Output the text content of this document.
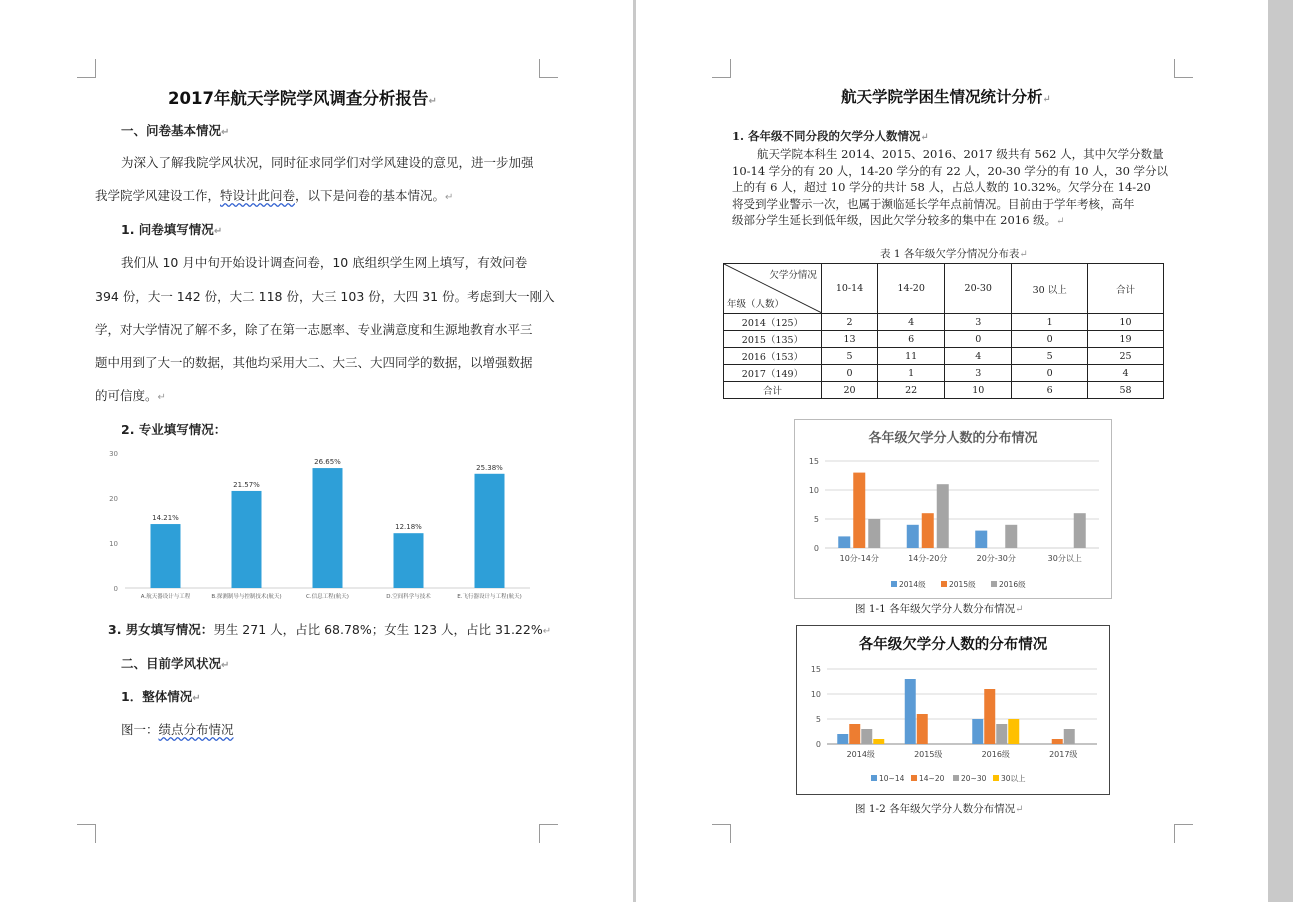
2017年航天学院学风调查分析报告↵
一、问卷基本情况↵
为深入了解我院学风状况，同时征求同学们对学风建设的意见，进一步加强
我学院学风建设工作，特设计此问卷，以下是问卷的基本情况。↵
1. 问卷填写情况↵
我们从 10 月中旬开始设计调查问卷，10 底组织学生网上填写，有效问卷
394 份，大一 142 份，大二 118 份，大三 103 份，大四 31 份。考虑到大一刚入
学，对大学情况了解不多，除了在第一志愿率、专业满意度和生源地教育水平三
题中用到了大一的数据，其他均采用大二、大三、大四同学的数据，以增强数据
的可信度。↵
2. 专业填写情况：
0
10
20
30
14.21%
A.航天器设计与工程
21.57%
B.探测制导与控制技术(航天)
26.65%
C.信息工程(航天)
12.18%
D.空间科学与技术
25.38%
E.飞行器设计与工程(航天)
3. 男女填写情况：男生 271 人，占比 68.78%；女生 123 人，占比 31.22%↵
二、目前学风状况↵
1．整体情况↵
图一：绩点分布情况
航天学院学困生情况统计分析↵
1. 各年级不同分段的欠学分人数情况↵
航天学院本科生 2014、2015、2016、2017 级共有 562 人，其中欠学分数量
10-14 学分的有 20 人，14-20 学分的有 22 人，20-30 学分的有 10 人，30 学分以
上的有 6 人，超过 10 学分的共计 58 人，占总人数的 10.32%。欠学分在 14-20
将受到学业警示一次，也属于濒临延长学年点前情况。目前由于学年考核，高年
级部分学生延长到低年级，因此欠学分较多的集中在 2016 级。↵
表 1 各年级欠学分情况分布表↵
欠学分情况
年级（人数）	10-14	14-20	20-30	30 以上	合计
2014（125）	2	4	3	1	10
2015（135）	13	6	0	0	19
2016（153）	5	11	4	5	25
2017（149）	0	1	3	0	4
合计	20	22	10	6	58
各年级欠学分人数的分布情况
0
5
10
15
10分-14分	14分-20分	20分-30分	30分以上
2014级	2015级	2016级
图 1-1 各年级欠学分人数分布情况↵
各年级欠学分人数的分布情况
0
5
10
15
2014级	2015级	2016级	2017级
10~14 14~20 20~30 30以上
图 1-2 各年级欠学分人数分布情况↵
